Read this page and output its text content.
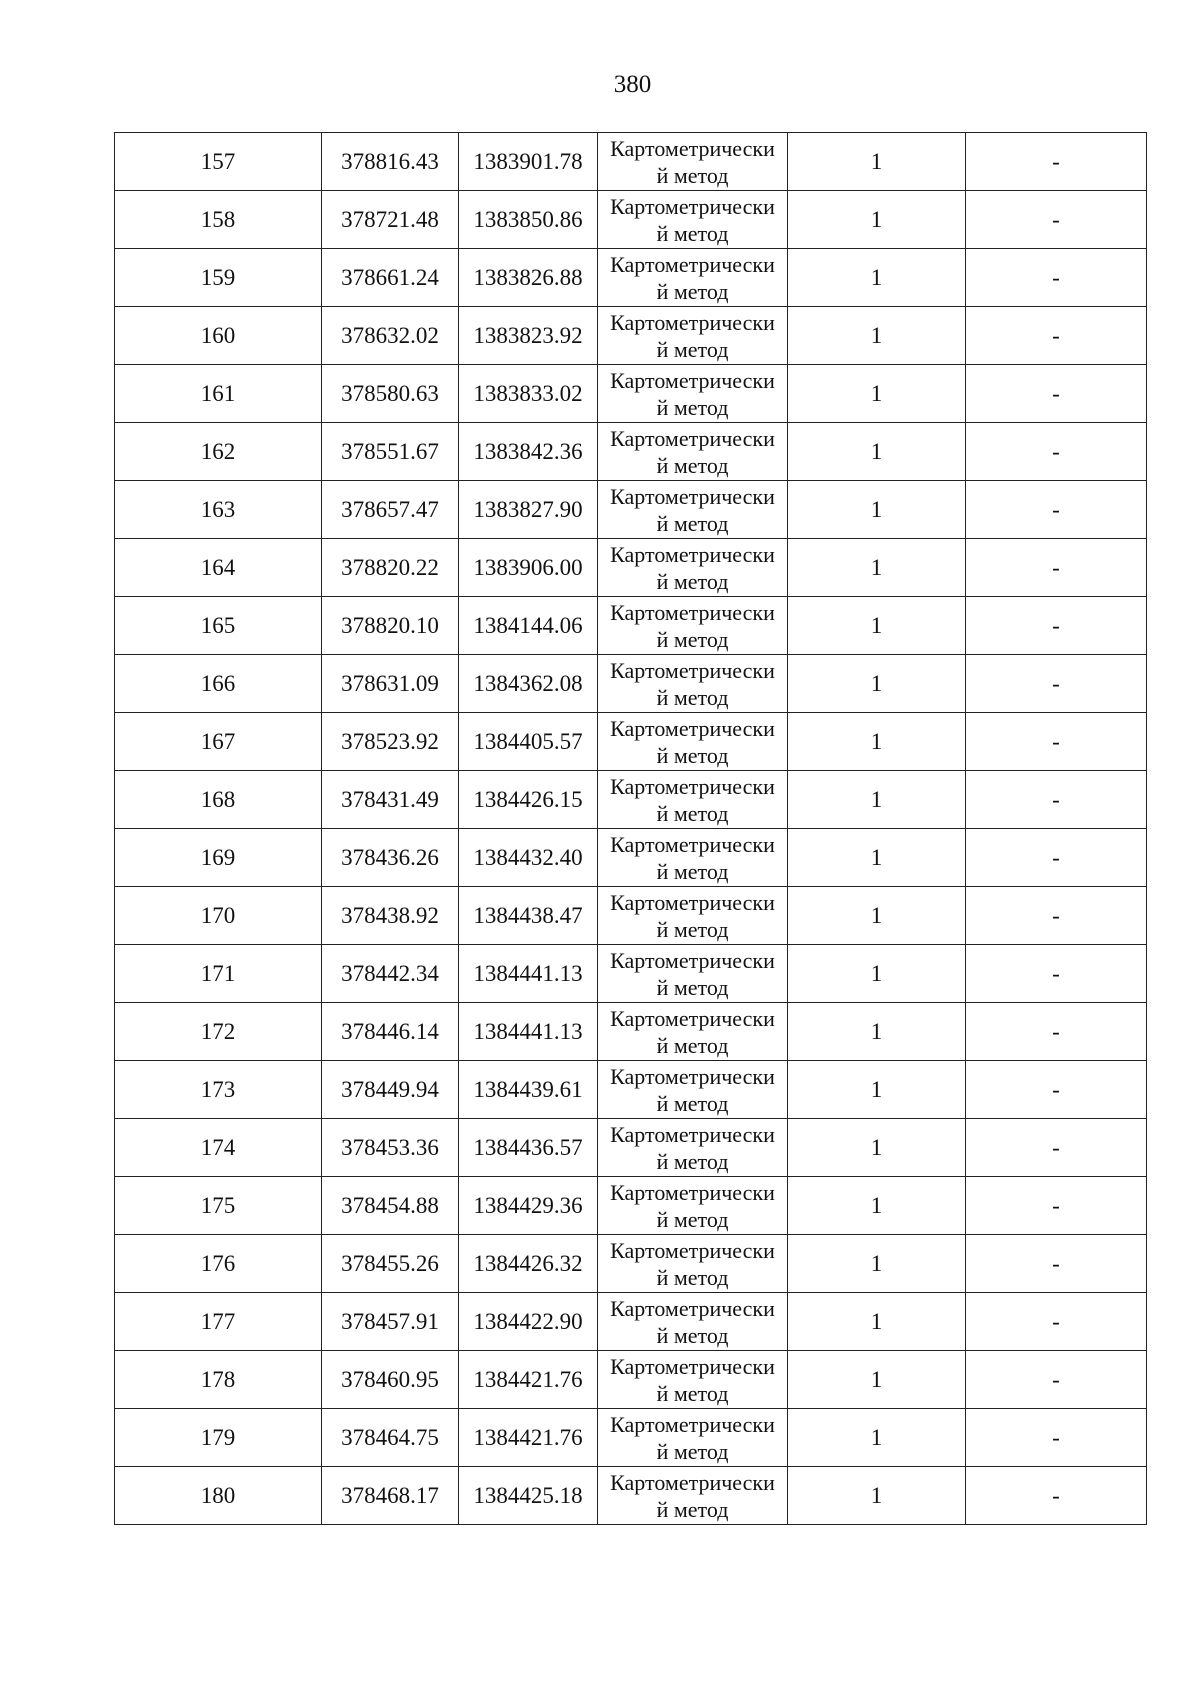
380
157	378816.43	1383901.78	Картометрически
й метод	1	-
158	378721.48	1383850.86	Картометрически
й метод	1	-
159	378661.24	1383826.88	Картометрически
й метод	1	-
160	378632.02	1383823.92	Картометрически
й метод	1	-
161	378580.63	1383833.02	Картометрически
й метод	1	-
162	378551.67	1383842.36	Картометрически
й метод	1	-
163	378657.47	1383827.90	Картометрически
й метод	1	-
164	378820.22	1383906.00	Картометрически
й метод	1	-
165	378820.10	1384144.06	Картометрически
й метод	1	-
166	378631.09	1384362.08	Картометрически
й метод	1	-
167	378523.92	1384405.57	Картометрически
й метод	1	-
168	378431.49	1384426.15	Картометрически
й метод	1	-
169	378436.26	1384432.40	Картометрически
й метод	1	-
170	378438.92	1384438.47	Картометрически
й метод	1	-
171	378442.34	1384441.13	Картометрически
й метод	1	-
172	378446.14	1384441.13	Картометрически
й метод	1	-
173	378449.94	1384439.61	Картометрически
й метод	1	-
174	378453.36	1384436.57	Картометрически
й метод	1	-
175	378454.88	1384429.36	Картометрически
й метод	1	-
176	378455.26	1384426.32	Картометрически
й метод	1	-
177	378457.91	1384422.90	Картометрически
й метод	1	-
178	378460.95	1384421.76	Картометрически
й метод	1	-
179	378464.75	1384421.76	Картометрически
й метод	1	-
180	378468.17	1384425.18	Картометрически
й метод	1	-
